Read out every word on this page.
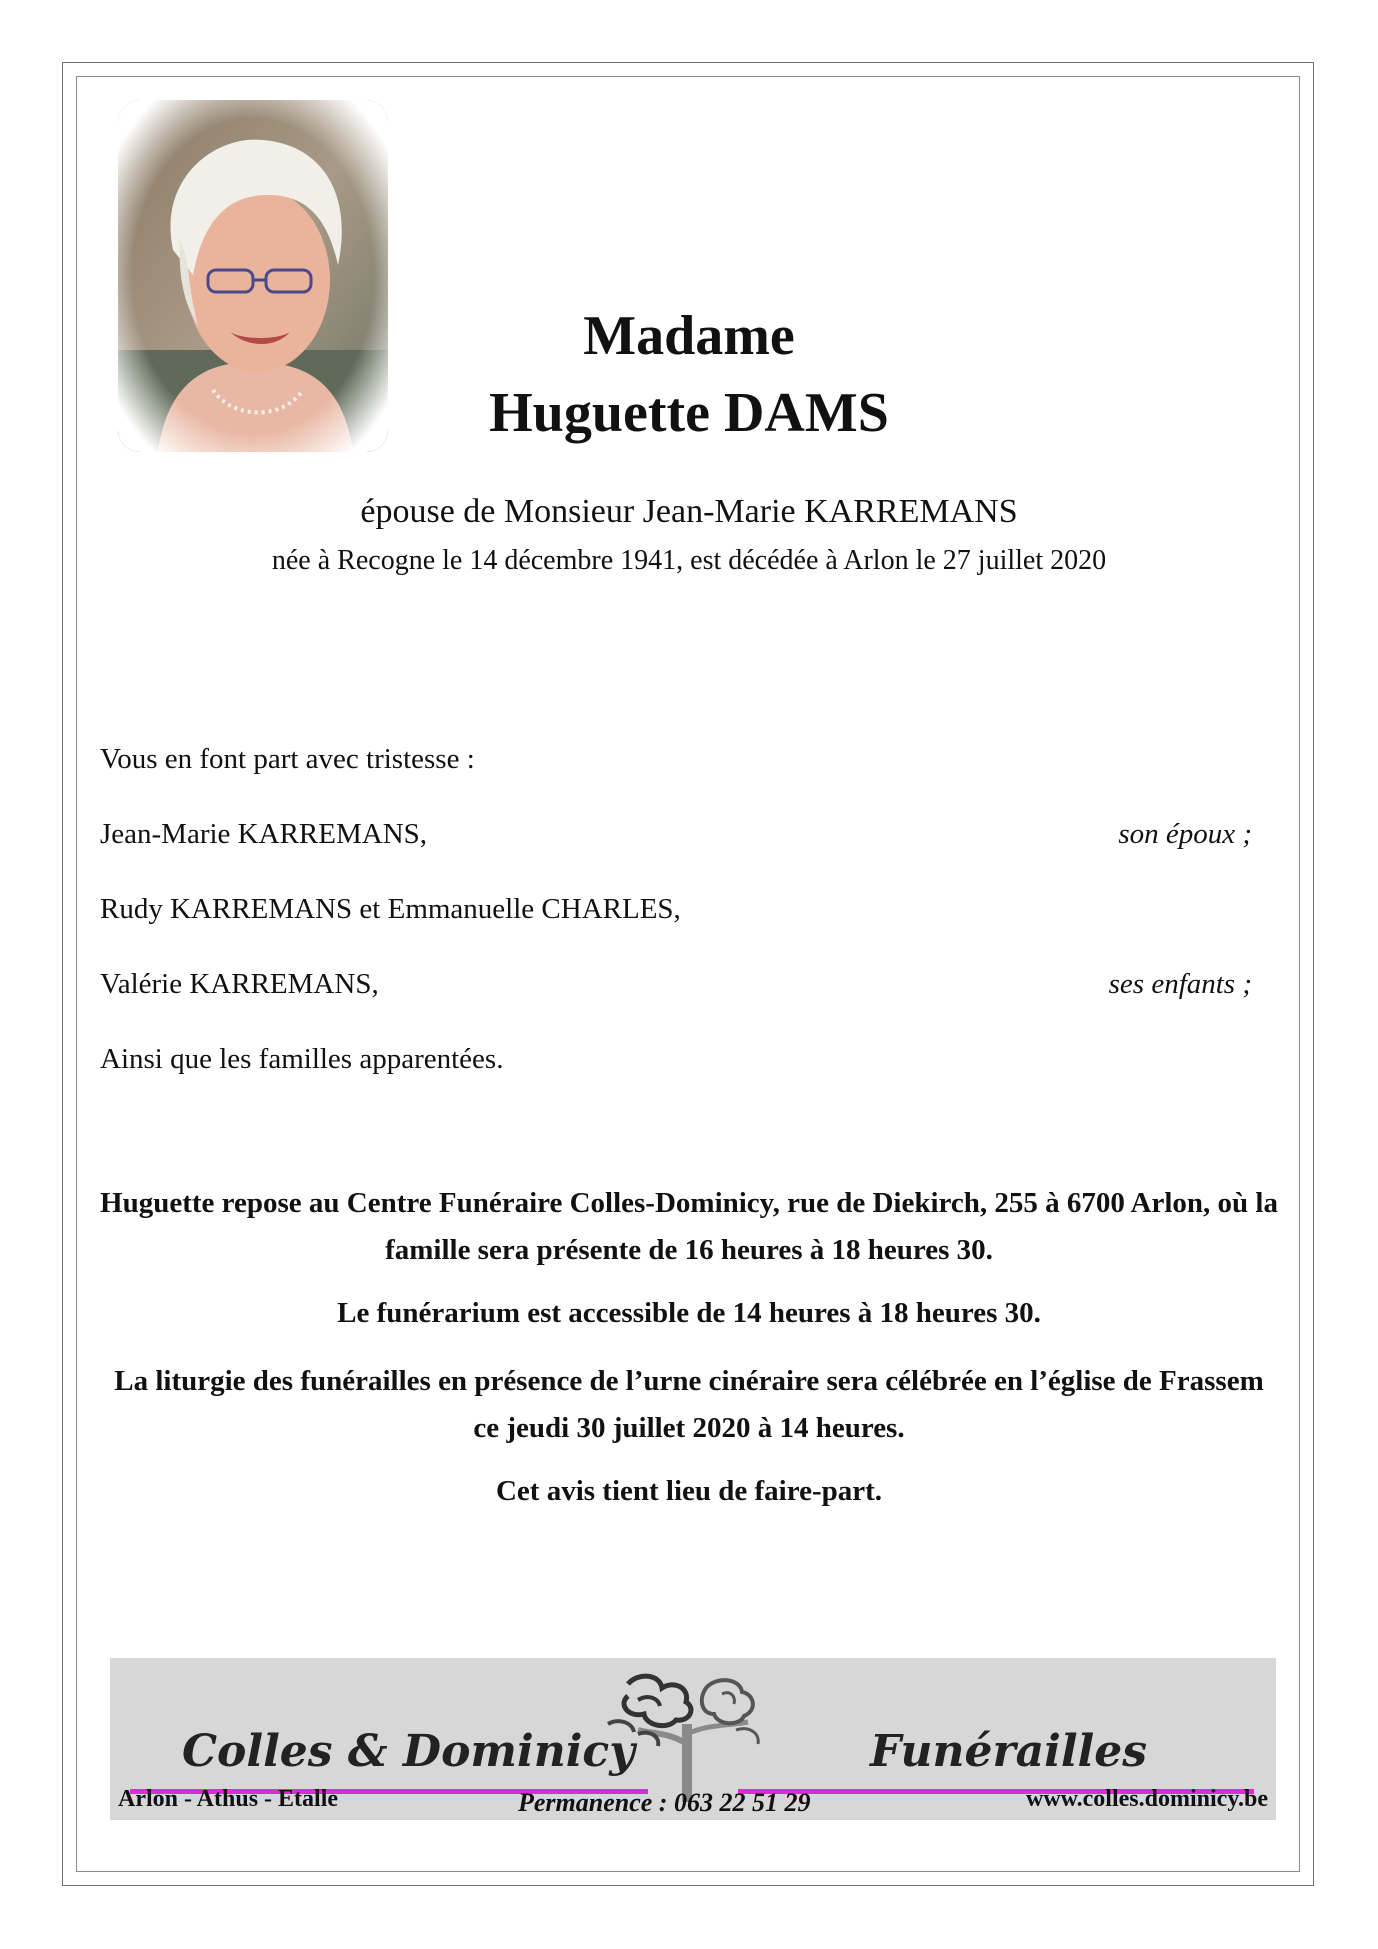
Madame
Huguette DAMS
épouse de Monsieur Jean-Marie KARREMANS
née à Recogne le 14 décembre 1941, est décédée à Arlon le 27 juillet 2020
Vous en font part avec tristesse :
Jean-Marie KARREMANS,	son époux ;
Rudy KARREMANS et Emmanuelle CHARLES,
Valérie KARREMANS,	ses enfants ;
Ainsi que les familles apparentées.
Huguette repose au Centre Funéraire Colles-Dominicy, rue de Diekirch, 255 à 6700 Arlon, où la famille sera présente de 16 heures à 18 heures 30.
Le funérarium est accessible de 14 heures à 18 heures 30.
La liturgie des funérailles en présence de l’urne cinéraire sera célébrée en l’église de Frassem ce jeudi 30 juillet 2020 à 14 heures.
Cet avis tient lieu de faire-part.
Colles & Dominicy	Funérailles
Arlon - Athus - Etalle	Permanence : 063 22 51 29	www.colles.dominicy.be
